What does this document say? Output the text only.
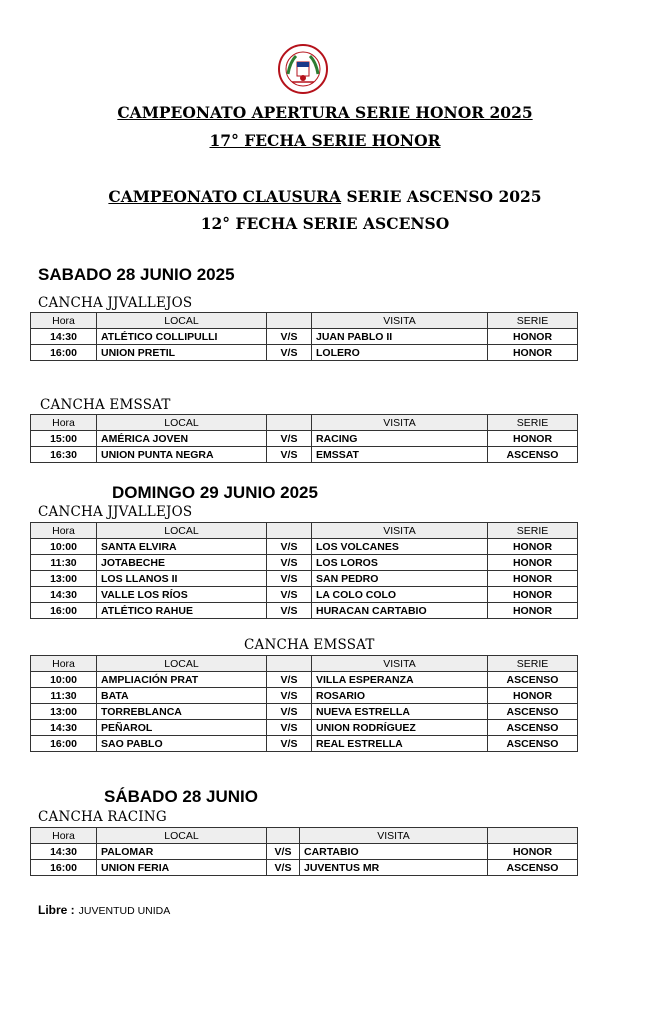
CAMPEONATO APERTURA SERIE HONOR 2025
17° FECHA SERIE HONOR
CAMPEONATO CLAUSURA SERIE ASCENSO 2025
12° FECHA SERIE ASCENSO
SABADO 28 JUNIO 2025
CANCHA JJVALLEJOS
Hora	LOCAL		VISITA	SERIE
14:30	ATLÉTICO COLLIPULLI	V/S	JUAN PABLO II	HONOR
16:00	UNION PRETIL	V/S	LOLERO	HONOR
CANCHA EMSSAT
Hora	LOCAL		VISITA	SERIE
15:00	AMÉRICA JOVEN	V/S	RACING	HONOR
16:30	UNION PUNTA NEGRA	V/S	EMSSAT	ASCENSO
DOMINGO 29 JUNIO 2025
CANCHA JJVALLEJOS
Hora	LOCAL		VISITA	SERIE
10:00	SANTA ELVIRA	V/S	LOS VOLCANES	HONOR
11:30	JOTABECHE	V/S	LOS LOROS	HONOR
13:00	LOS LLANOS II	V/S	SAN PEDRO	HONOR
14:30	VALLE LOS RÍOS	V/S	LA COLO COLO	HONOR
16:00	ATLÉTICO RAHUE	V/S	HURACAN CARTABIO	HONOR
CANCHA EMSSAT
Hora	LOCAL		VISITA	SERIE
10:00	AMPLIACIÓN PRAT	V/S	VILLA ESPERANZA	ASCENSO
11:30	BATA	V/S	ROSARIO	HONOR
13:00	TORREBLANCA	V/S	NUEVA ESTRELLA	ASCENSO
14:30	PEÑAROL	V/S	UNION RODRÍGUEZ	ASCENSO
16:00	SAO PABLO	V/S	REAL ESTRELLA	ASCENSO
SÁBADO 28 JUNIO
CANCHA RACING
Hora	LOCAL		VISITA	
14:30	PALOMAR	V/S	CARTABIO	HONOR
16:00	UNION FERIA	V/S	JUVENTUS MR	ASCENSO
Libre : JUVENTUD UNIDA
